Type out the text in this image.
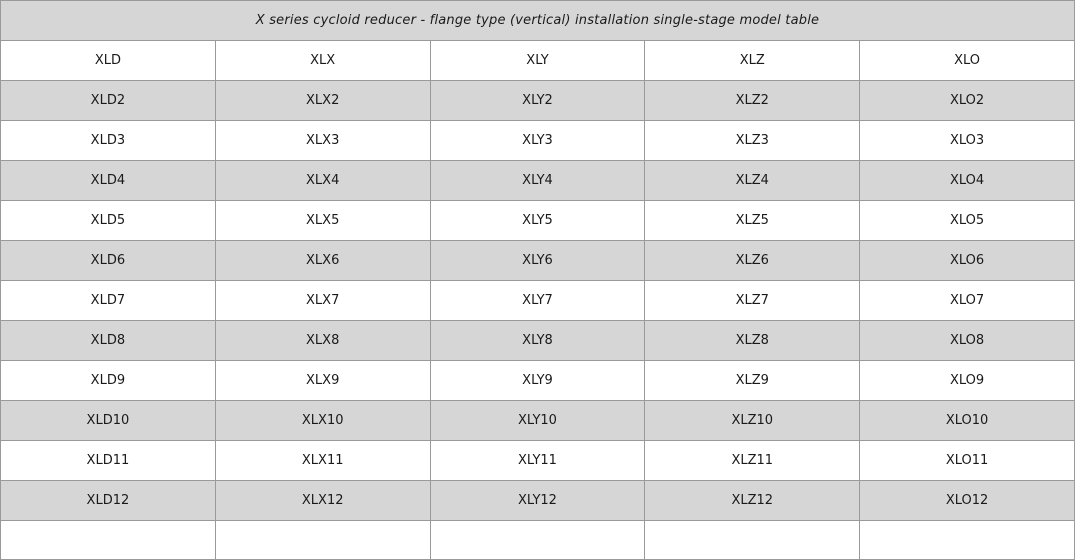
X series cycloid reducer - flange type (vertical) installation single-stage model table				
XLD	XLX	XLY	XLZ	XLO
XLD2	XLX2	XLY2	XLZ2	XLO2
XLD3	XLX3	XLY3	XLZ3	XLO3
XLD4	XLX4	XLY4	XLZ4	XLO4
XLD5	XLX5	XLY5	XLZ5	XLO5
XLD6	XLX6	XLY6	XLZ6	XLO6
XLD7	XLX7	XLY7	XLZ7	XLO7
XLD8	XLX8	XLY8	XLZ8	XLO8
XLD9	XLX9	XLY9	XLZ9	XLO9
XLD10	XLX10	XLY10	XLZ10	XLO10
XLD11	XLX11	XLY11	XLZ11	XLO11
XLD12	XLX12	XLY12	XLZ12	XLO12
